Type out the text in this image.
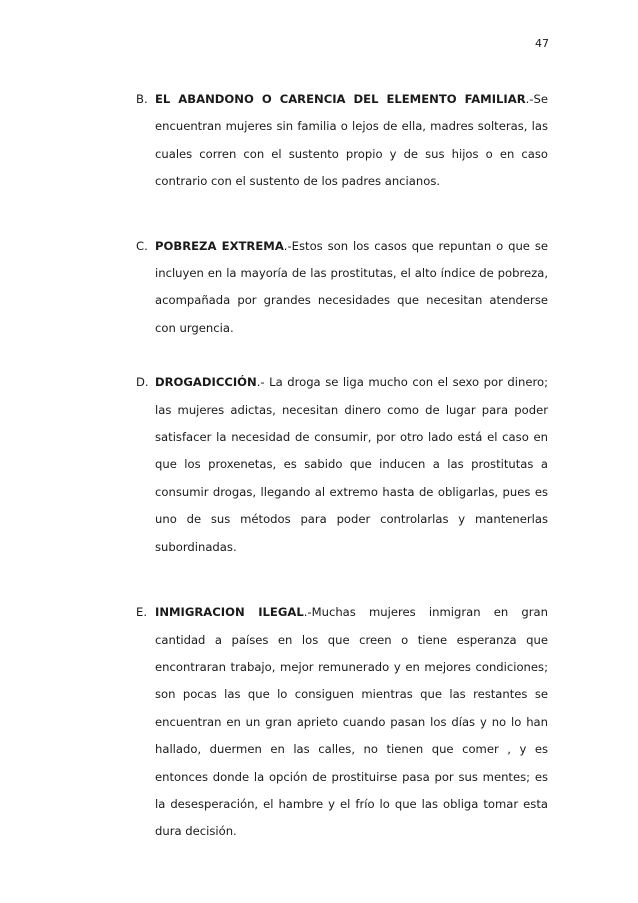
47
B. EL ABANDONO O CARENCIA DEL ELEMENTO FAMILIAR.-Se encuentran mujeres sin familia o lejos de ella, madres solteras, las cuales corren con el sustento propio y de sus hijos o en caso contrario con el sustento de los padres ancianos.
C. POBREZA EXTREMA.-Estos son los casos que repuntan o que se incluyen en la mayoría de las prostitutas, el alto índice de pobreza, acompañada por grandes necesidades que necesitan atenderse con urgencia.
D. DROGADICCIÓN.- La droga se liga mucho con el sexo por dinero; las mujeres adictas, necesitan dinero como de lugar para poder satisfacer la necesidad de consumir, por otro lado está el caso en que los proxenetas, es sabido que inducen a las prostitutas a consumir drogas, llegando al extremo hasta de obligarlas, pues es uno de sus métodos para poder controlarlas y mantenerlas subordinadas.
E. INMIGRACION ILEGAL.-Muchas mujeres inmigran en gran cantidad a países en los que creen o tiene esperanza que encontraran trabajo, mejor remunerado y en mejores condiciones; son pocas las que lo consiguen mientras que las restantes se encuentran en un gran aprieto cuando pasan los días y no lo han hallado, duermen en las calles, no tienen que comer , y es entonces donde la opción de prostituirse pasa por sus mentes; es la desesperación, el hambre y el frío lo que las obliga tomar esta dura decisión.
